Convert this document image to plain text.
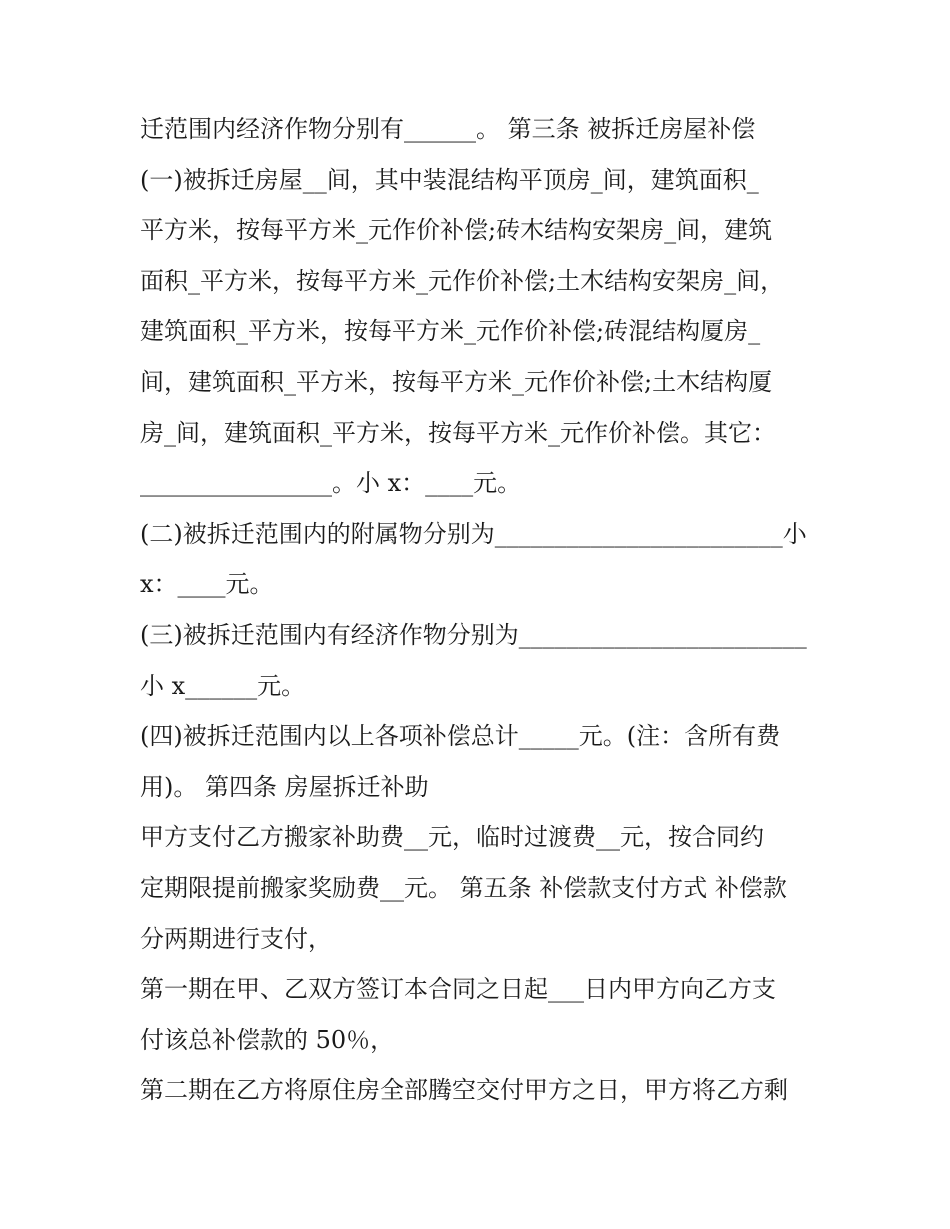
迁范围内经济作物分别有______。 第三条 被拆迁房屋补偿
(一)被拆迁房屋__间，其中装混结构平顶房_间，建筑面积_
平方米，按每平方米_元作价补偿;砖木结构安架房_间，建筑
面积_平方米，按每平方米_元作价补偿;土木结构安架房_间，
建筑面积_平方米，按每平方米_元作价补偿;砖混结构厦房_
间，建筑面积_平方米，按每平方米_元作价补偿;土木结构厦
房_间，建筑面积_平方米，按每平方米_元作价补偿。其它：
________________。小 x：____元。
(二)被拆迁范围内的附属物分别为________________________小
x：____元。
(三)被拆迁范围内有经济作物分别为________________________
小 x______元。
(四)被拆迁范围内以上各项补偿总计_____元。(注：含所有费
用)。 第四条 房屋拆迁补助
甲方支付乙方搬家补助费__元，临时过渡费__元，按合同约
定期限提前搬家奖励费__元。 第五条 补偿款支付方式 补偿款
分两期进行支付，
第一期在甲、乙双方签订本合同之日起___日内甲方向乙方支
付该总补偿款的 50％，
第二期在乙方将原住房全部腾空交付甲方之日，甲方将乙方剩
